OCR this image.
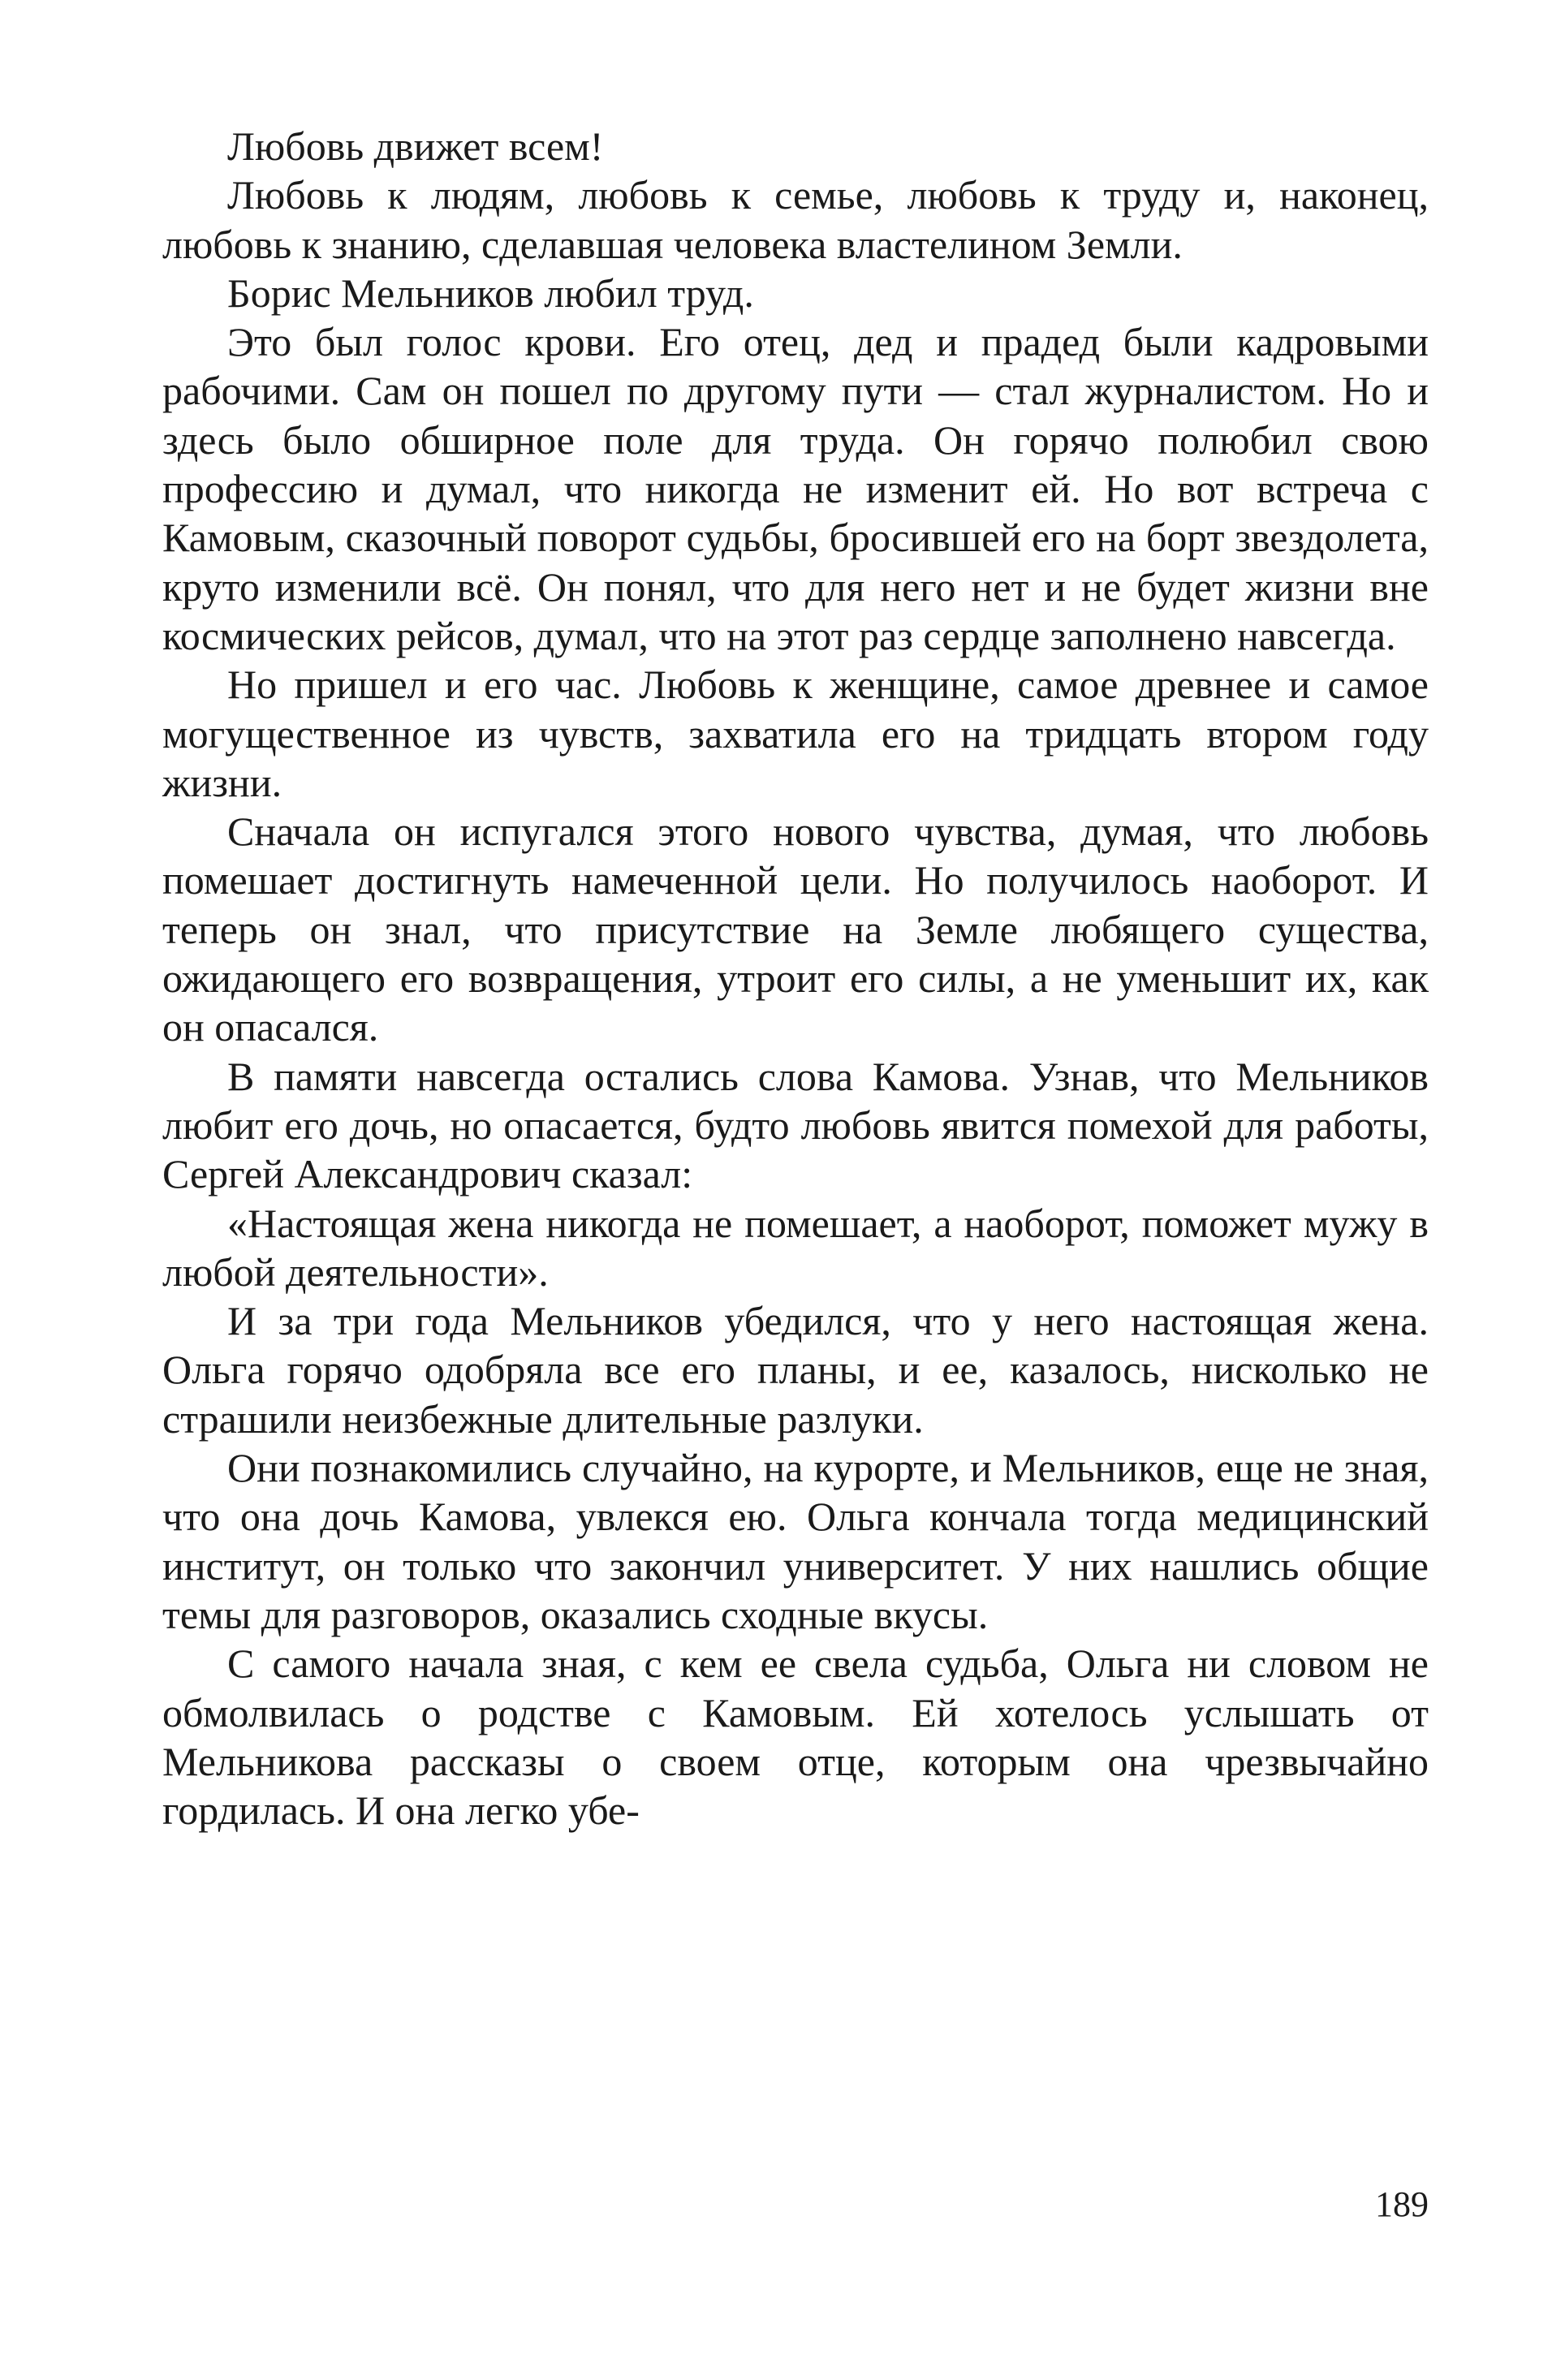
Любовь движет всем!

Любовь к людям, любовь к семье, любовь к труду и, наконец, любовь к знанию, сделавшая человека властелином Земли.

Борис Мельников любил труд.

Это был голос крови. Его отец, дед и прадед были кадровыми рабочими. Сам он пошел по другому пути — стал журналистом. Но и здесь было обширное поле для труда. Он горячо полюбил свою профессию и думал, что никогда не изменит ей. Но вот встреча с Камовым, сказочный поворот судьбы, бросившей его на борт звездолета, круто изменили всё. Он понял, что для него нет и не будет жизни вне космических рейсов, думал, что на этот раз сердце заполнено навсегда.

Но пришел и его час. Любовь к женщине, самое древнее и самое могущественное из чувств, захватила его на тридцать втором году жизни.

Сначала он испугался этого нового чувства, думая, что любовь помешает достигнуть намеченной цели. Но получилось наоборот. И теперь он знал, что присутствие на Земле любящего существа, ожидающего его возвращения, утроит его силы, а не уменьшит их, как он опасался.

В памяти навсегда остались слова Камова. Узнав, что Мельников любит его дочь, но опасается, будто любовь явится помехой для работы, Сергей Александрович сказал:

«Настоящая жена никогда не помешает, а наоборот, поможет мужу в любой деятельности».

И за три года Мельников убедился, что у него настоящая жена. Ольга горячо одобряла все его планы, и ее, казалось, нисколько не страшили неизбежные длительные разлуки.

Они познакомились случайно, на курорте, и Мельников, еще не зная, что она дочь Камова, увлекся ею. Ольга кончала тогда медицинский институт, он только что закончил университет. У них нашлись общие темы для разговоров, оказались сходные вкусы.

С самого начала зная, с кем ее свела судьба, Ольга ни словом не обмолвилась о родстве с Камовым. Ей хотелось услышать от Мельникова рассказы о своем отце, которым она чрезвычайно гордилась. И она легко убе-

189
